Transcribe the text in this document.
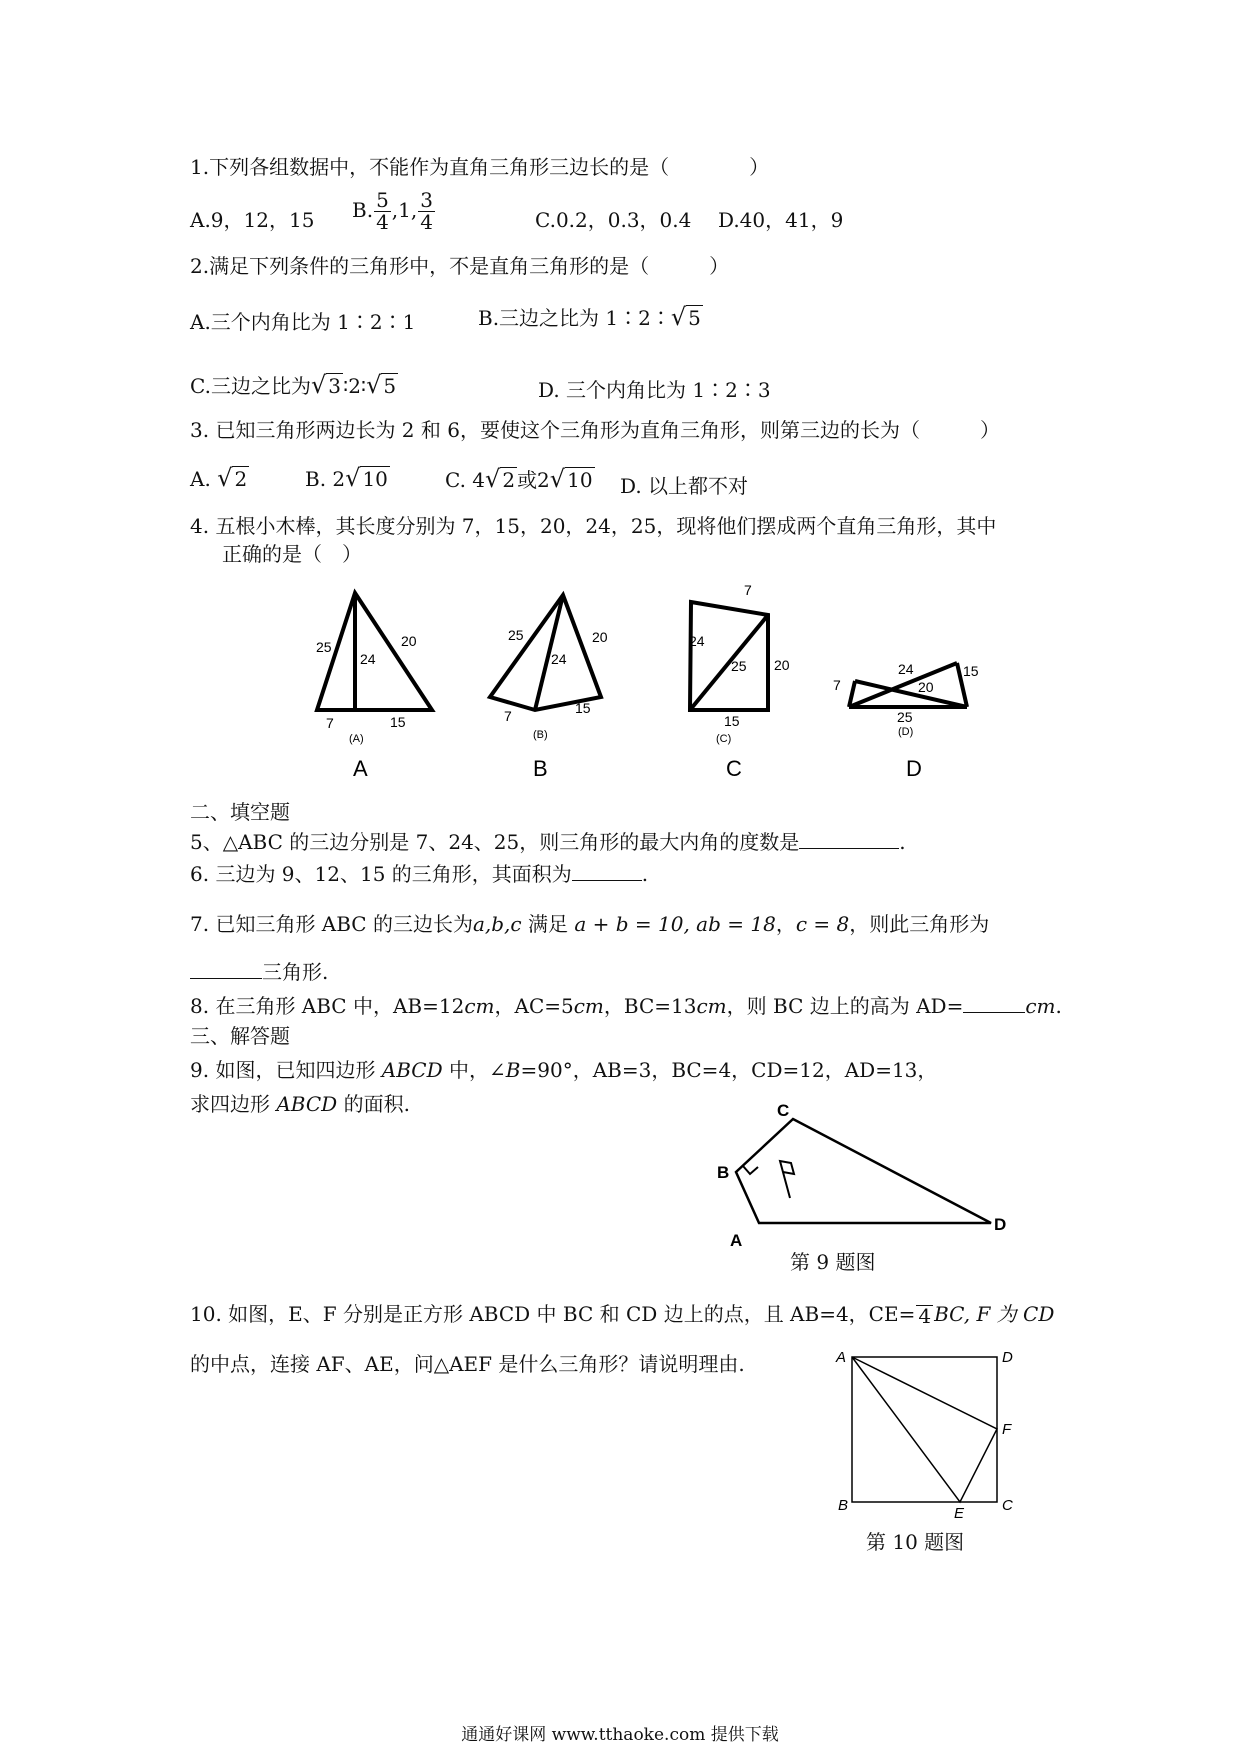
1.下列各组数据中，不能作为直角三角形三边长的是（　　　　）
A.9，12，15 B. $\frac{5}{4} ,1$, $\frac{3}{4}$	C.0.2，0.3，0.4 D.40，41，9
2.满足下列条件的三角形中，不是直角三角形的是（　　　）
A.三个内角比为 1∶2∶1	B.三边之比为 1∶2∶√ 5
C.三边之比为√ 3 ∶2∶√ 5	D. 三个内角比为 1∶2∶3
3. 已知三角形两边长为 2 和 6，要使这个三角形为直角三角形，则第三边的长为（　　　）
A. √ 2	B. 2√ 10	C. 4√ 2 或2√ 10 D. 以上都不对
4. 五根小木棒，其长度分别为 7，15，20，24，25，现将他们摆成两个直角三角形，其中
正确的是（　）
25
24
20
7	15
(A)
25
24
20
7	15
(B)
7
24
25 20
15
(C)
7
24
20
15
25
(D)
A	B	C	D
二、填空题
5、△ABC 的三边分别是 7、24、25，则三角形的最大内角的度数是	.
6. 三边为 9、12、15 的三角形，其面积为	.
7. 已知三角形 ABC 的三边长为a,b,c 满足 a + b = 10, ab = 18，c = 8，则此三角形为
三角形.
8. 在三角形 ABC 中，AB=12cm，AC=5cm，BC=13cm，则 BC 边上的高为 AD=	cm.
三、解答题
9. 如图，已知四边形 ABCD 中，∠B=90°，AB=3，BC=4，CD=12，AD=13，
求四边形 ABCD 的面积.	C
B
A
D
第 9 题图
10. 如图，E、F 分别是正方形 ABCD 中 BC 和 CD 边上的点，且 AB=4，CE= 4 BC, F 为 CD
的中点，连接 AF、AE，问△AEF 是什么三角形？请说明理由.	A	D
F
B	E	C
第 10 题图
通通好课网 www.tthaoke.com 提供下载
